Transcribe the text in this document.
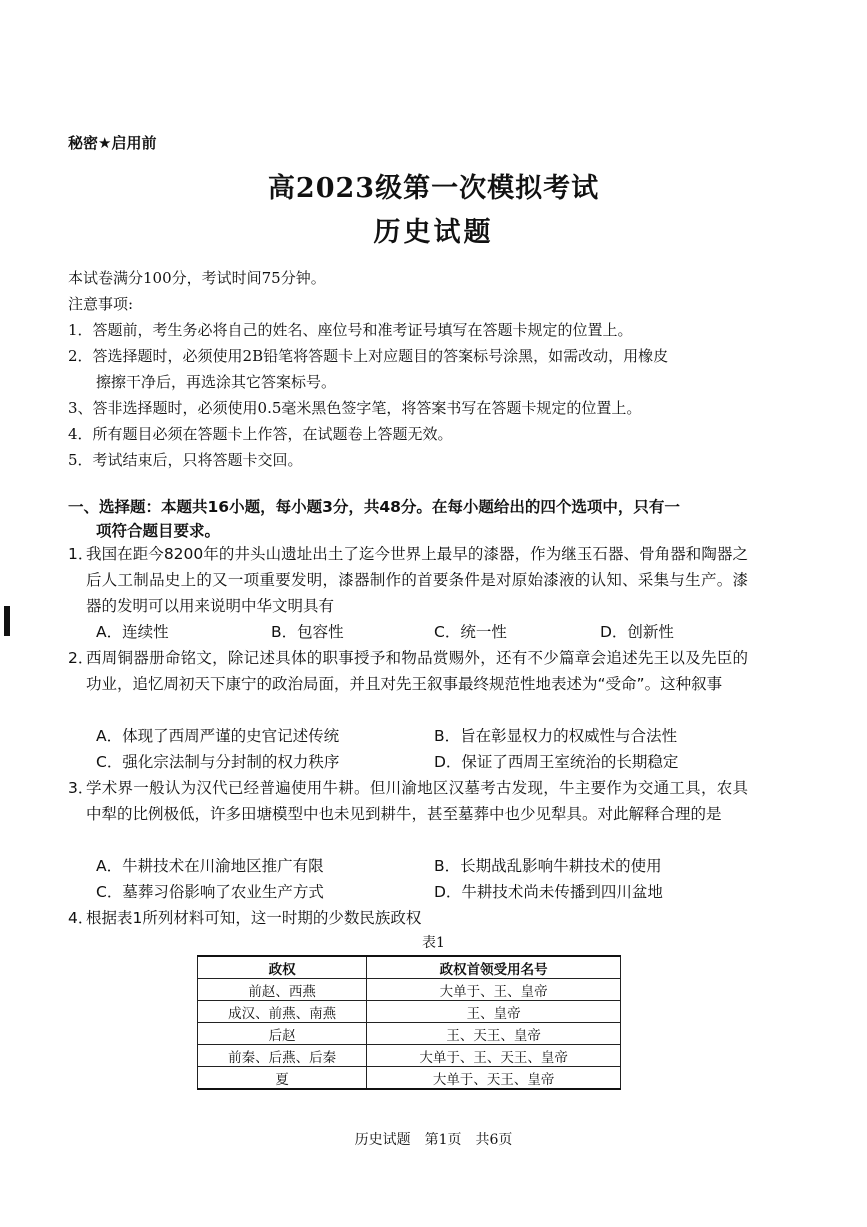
秘密★启用前
高2023级第一次模拟考试
历史试题
本试卷满分100分，考试时间75分钟。
注意事项:
1．答题前，考生务必将自己的姓名、座位号和准考证号填写在答题卡规定的位置上。
2．答选择题时，必须使用2B铅笔将答题卡上对应题目的答案标号涂黑，如需改动，用橡皮
擦擦干净后，再选涂其它答案标号。
3、答非选择题时，必须使用0.5毫米黑色签字笔，将答案书写在答题卡规定的位置上。
4．所有题目必须在答题卡上作答，在试题卷上答题无效。
5．考试结束后，只将答题卡交回。
一、选择题：本题共16小题，每小题3分，共48分。在每小题给出的四个选项中，只有一
项符合题目要求。
1．
我国在距今8200年的井头山遗址出土了迄今世界上最早的漆器，作为继玉石器、骨角器和陶器之后人工制品史上的又一项重要发明，漆器制作的首要条件是对原始漆液的认知、采集与生产。漆器的发明可以用来说明中华文明具有
A．连续性	B．包容性	C．统一性	D．创新性
2．
西周铜器册命铭文，除记述具体的职事授予和物品赏赐外，还有不少篇章会追述先王以及先臣的功业，追忆周初天下康宁的政治局面，并且对先王叙事最终规范性地表述为“受命”。这种叙事
A．体现了西周严谨的史官记述传统	B．旨在彰显权力的权威性与合法性
C．强化宗法制与分封制的权力秩序	D．保证了西周王室统治的长期稳定
3．
学术界一般认为汉代已经普遍使用牛耕。但川渝地区汉墓考古发现，牛主要作为交通工具，农具中犁的比例极低，许多田塘模型中也未见到耕牛，甚至墓葬中也少见犁具。对此解释合理的是
A．牛耕技术在川渝地区推广有限	B．长期战乱影响牛耕技术的使用
C．墓葬习俗影响了农业生产方式	D．牛耕技术尚未传播到四川盆地
4．
根据表1所列材料可知，这一时期的少数民族政权
表1
政权	政权首领受用名号
前赵、西燕	大单于、王、皇帝
成汉、前燕、南燕	王、皇帝
后赵	王、天王、皇帝
前秦、后燕、后秦	大单于、王、天王、皇帝
夏	大单于、天王、皇帝
历史试题　第1页　共6页
